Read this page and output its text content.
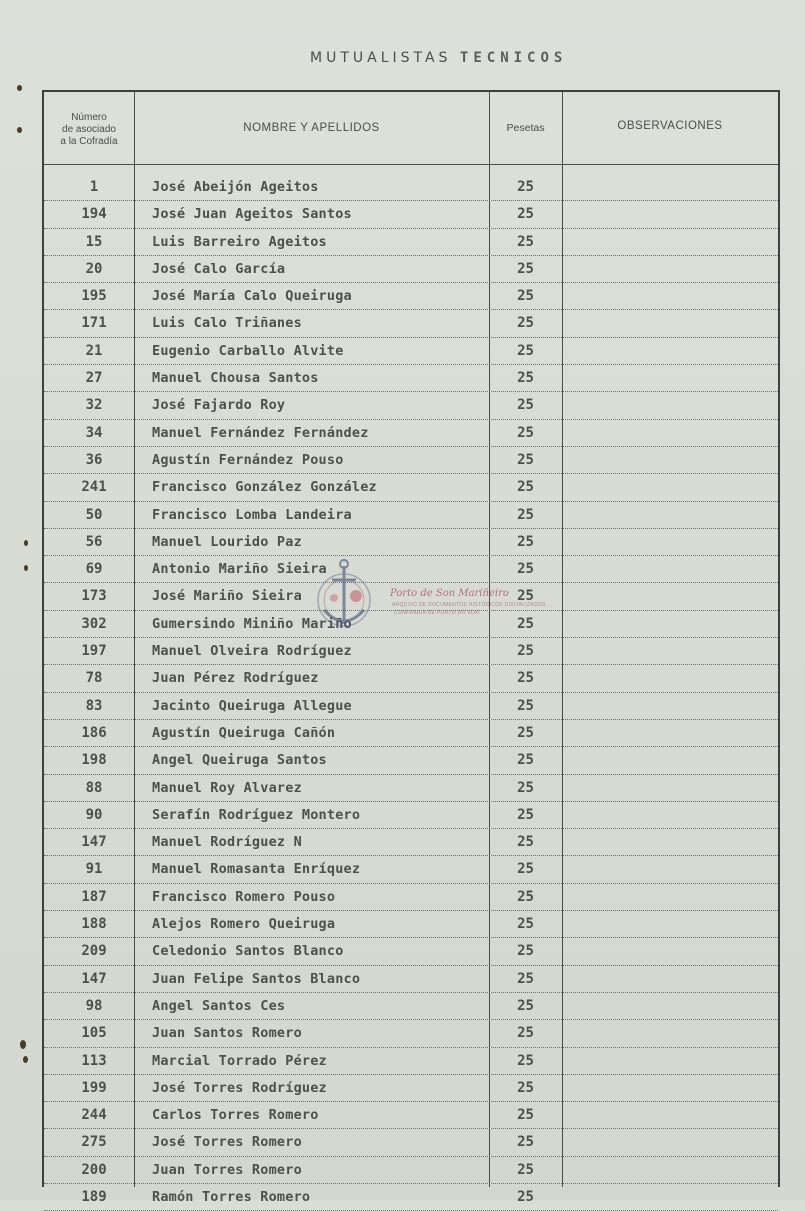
MUTUALISTAS TECNICOS
Número
de asociado
a la Cofradía
NOMBRE Y APELLIDOS	Pesetas	OBSERVACIONES
1	José Abeijón Ageitos	25
194	José Juan Ageitos Santos	25
15	Luis Barreiro Ageitos	25
20	José Calo García	25
195	José María Calo Queiruga	25
171	Luis Calo Triñanes	25
21	Eugenio Carballo Alvite	25
27	Manuel Chousa Santos	25
32	José Fajardo Roy	25
34	Manuel Fernández Fernández	25
36	Agustín Fernández Pouso	25
241	Francisco González González	25
50	Francisco Lomba Landeira	25
56	Manuel Lourido Paz	25
69	Antonio Mariño Sieira	25
173	José Mariño Sieira	25
302	Gumersindo Miniño Mariño	25
197	Manuel Olveira Rodríguez	25
78	Juan Pérez Rodríguez	25
83	Jacinto Queiruga Allegue	25
186	Agustín Queiruga Cañón	25
198	Angel Queiruga Santos	25
88	Manuel Roy Alvarez	25
90	Serafín Rodríguez Montero	25
147	Manuel Rodríguez N	25
91	Manuel Romasanta Enríquez	25
187	Francisco Romero Pouso	25
188	Alejos Romero Queiruga	25
209	Celedonio Santos Blanco	25
147	Juan Felipe Santos Blanco	25
98	Angel Santos Ces	25
105	Juan Santos Romero	25
113	Marcial Torrado Pérez	25
199	José Torres Rodríguez	25
244	Carlos Torres Romero	25
275	José Torres Romero	25
200	Juan Torres Romero	25
189	Ramón Torres Romero	25
Porto de Son Mariñeiro
ARQUIVO DE DOCUMENTOS HISTÓRICOS DIXITALIZADOS
CONFRARÍA DE PORTO DO SON
